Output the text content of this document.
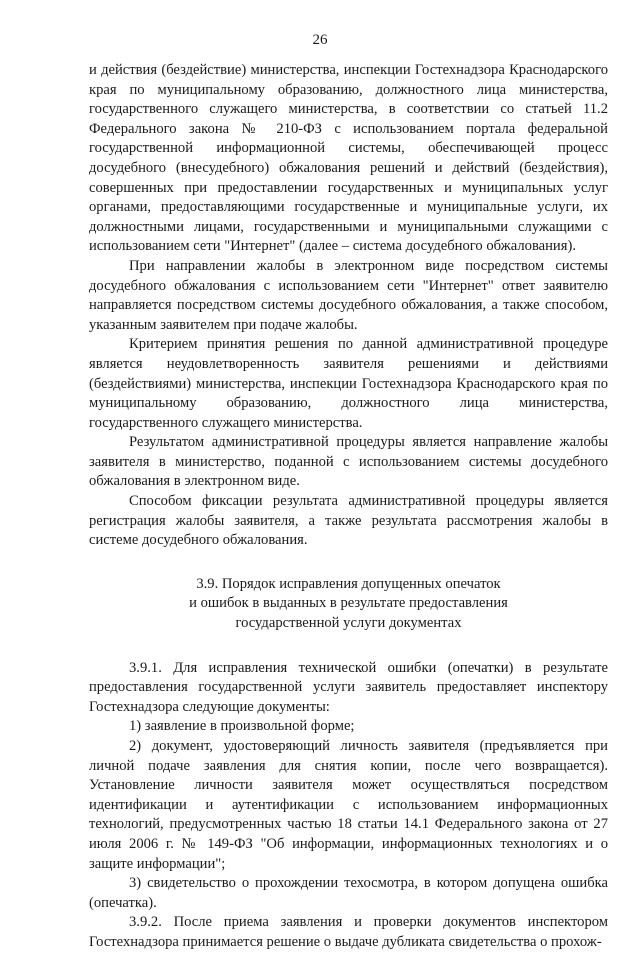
26

и действия (бездействие) министерства, инспекции Гостехнадзора Краснодарского края по муниципальному образованию, должностного лица министерства, государственного служащего министерства, в соответствии со статьей 11.2 Федерального закона № 210-ФЗ с использованием портала федеральной государственной информационной системы, обеспечивающей процесс досудебного (внесудебного) обжалования решений и действий (бездействия), совершенных при предоставлении государственных и муниципальных услуг органами, предоставляющими государственные и муниципальные услуги, их должностными лицами, государственными и муниципальными служащими с использованием сети "Интернет" (далее – система досудебного обжалования).

При направлении жалобы в электронном виде посредством системы досудебного обжалования с использованием сети "Интернет" ответ заявителю направляется посредством системы досудебного обжалования, а также способом, указанным заявителем при подаче жалобы.

Критерием принятия решения по данной административной процедуре является неудовлетворенность заявителя решениями и действиями (бездействиями) министерства, инспекции Гостехнадзора Краснодарского края по муниципальному образованию, должностного лица министерства, государственного служащего министерства.

Результатом административной процедуры является направление жалобы заявителя в министерство, поданной с использованием системы досудебного обжалования в электронном виде.

Способом фиксации результата административной процедуры является регистрация жалобы заявителя, а также результата рассмотрения жалобы в системе досудебного обжалования.

3.9. Порядок исправления допущенных опечаток
и ошибок в выданных в результате предоставления
государственной услуги документах

3.9.1. Для исправления технической ошибки (опечатки) в результате предоставления государственной услуги заявитель предоставляет инспектору Гостехнадзора следующие документы:

1) заявление в произвольной форме;

2) документ, удостоверяющий личность заявителя (предъявляется при личной подаче заявления для снятия копии, после чего возвращается). Установление личности заявителя может осуществляться посредством идентификации и аутентификации с использованием информационных технологий, предусмотренных частью 18 статьи 14.1 Федерального закона от 27 июля 2006 г. № 149-ФЗ "Об информации, информационных технологиях и о защите информации";

3) свидетельство о прохождении техосмотра, в котором допущена ошибка (опечатка).

3.9.2. После приема заявления и проверки документов инспектором Гостехнадзора принимается решение о выдаче дубликата свидетельства о прохож-
